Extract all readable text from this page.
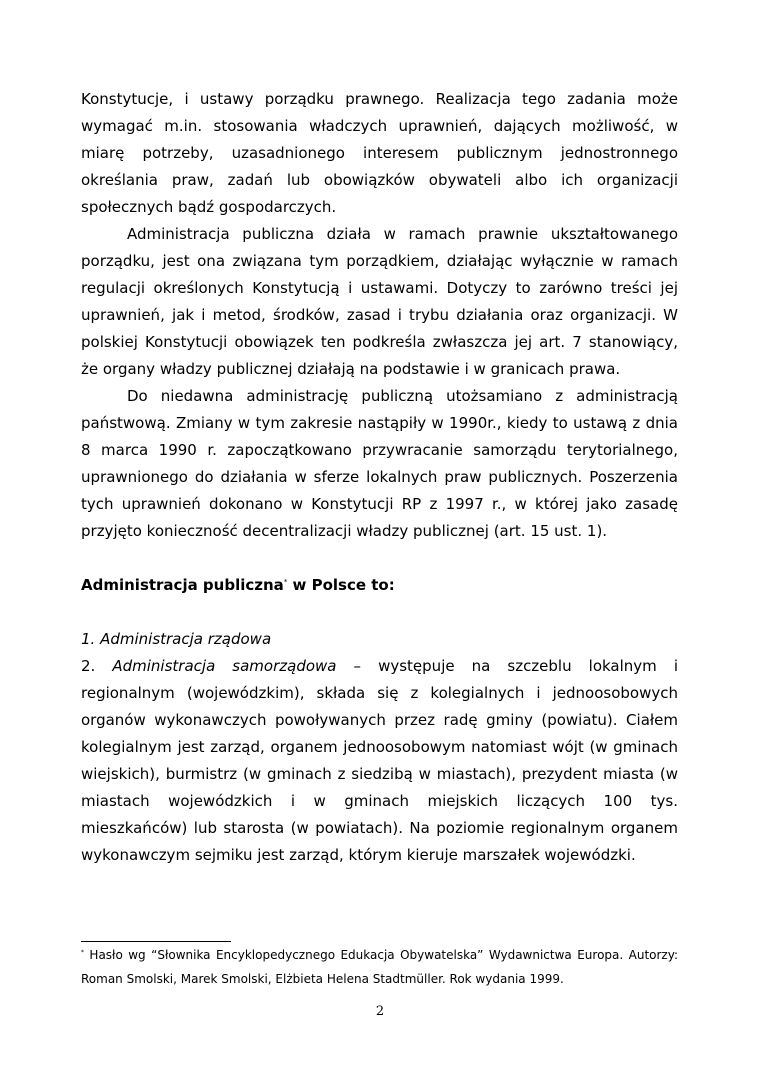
Konstytucje, i ustawy porządku prawnego. Realizacja tego zadania może wymagać m.in. stosowania władczych uprawnień, dających możliwość, w miarę potrzeby, uzasadnionego interesem publicznym jednostronnego określania praw, zadań lub obowiązków obywateli albo ich organizacji społecznych bądź gospodarczych.

Administracja publiczna działa w ramach prawnie ukształtowanego porządku, jest ona związana tym porządkiem, działając wyłącznie w ramach regulacji określonych Konstytucją i ustawami. Dotyczy to zarówno treści jej uprawnień, jak i metod, środków, zasad i trybu działania oraz organizacji. W polskiej Konstytucji obowiązek ten podkreśla zwłaszcza jej art. 7 stanowiący, że organy władzy publicznej działają na podstawie i w granicach prawa.

Do niedawna administrację publiczną utożsamiano z administracją państwową. Zmiany w tym zakresie nastąpiły w 1990r., kiedy to ustawą z dnia 8 marca 1990 r. zapoczątkowano przywracanie samorządu terytorialnego, uprawnionego do działania w sferze lokalnych praw publicznych. Poszerzenia tych uprawnień dokonano w Konstytucji RP z 1997 r., w której jako zasadę przyjęto konieczność decentralizacji władzy publicznej (art. 15 ust. 1).

Administracja publiczna* w Polsce to:

1. Administracja rządowa

2. Administracja samorządowa – występuje na szczeblu lokalnym i regionalnym (wojewódzkim), składa się z kolegialnych i jednoosobowych organów wykonawczych powoływanych przez radę gminy (powiatu). Ciałem kolegialnym jest zarząd, organem jednoosobowym natomiast wójt (w gminach wiejskich), burmistrz (w gminach z siedzibą w miastach), prezydent miasta (w miastach wojewódzkich i w gminach miejskich liczących 100 tys. mieszkańców) lub starosta (w powiatach). Na poziomie regionalnym organem wykonawczym sejmiku jest zarząd, którym kieruje marszałek wojewódzki.

* Hasło wg “Słownika Encyklopedycznego Edukacja Obywatelska” Wydawnictwa Europa. Autorzy: Roman Smolski, Marek Smolski, Elżbieta Helena Stadtmüller. Rok wydania 1999.
2
